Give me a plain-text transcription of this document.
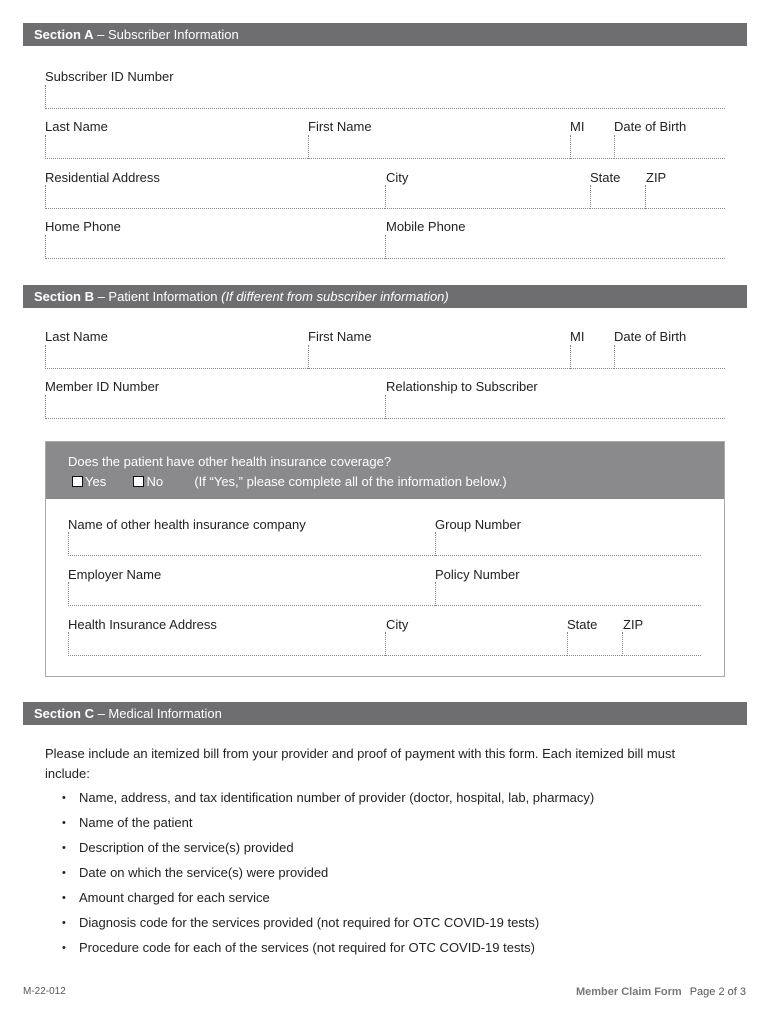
Section A – Subscriber Information
Subscriber ID Number
Last Name	First Name	MI Date of Birth
Residential Address	City	State ZIP
Home Phone	Mobile Phone
Section B – Patient Information (If different from subscriber information)
Last Name	First Name	MI Date of Birth
Member ID Number	Relationship to Subscriber
Does the patient have other health insurance coverage?
Yes	No (If “Yes,” please complete all of the information below.)
Name of other health insurance company	Group Number
Employer Name	Policy Number
Health Insurance Address	City	State ZIP
Section C – Medical Information
Please include an itemized bill from your provider and proof of payment with this form. Each itemized bill must include:
• Name, address, and tax identification number of provider (doctor, hospital, lab, pharmacy)
• Name of the patient
• Description of the service(s) provided
• Date on which the service(s) were provided
• Amount charged for each service
• Diagnosis code for the services provided (not required for OTC COVID-19 tests)
• Procedure code for each of the services (not required for OTC COVID-19 tests)
M-22-012	Member Claim Form Page 2 of 3
